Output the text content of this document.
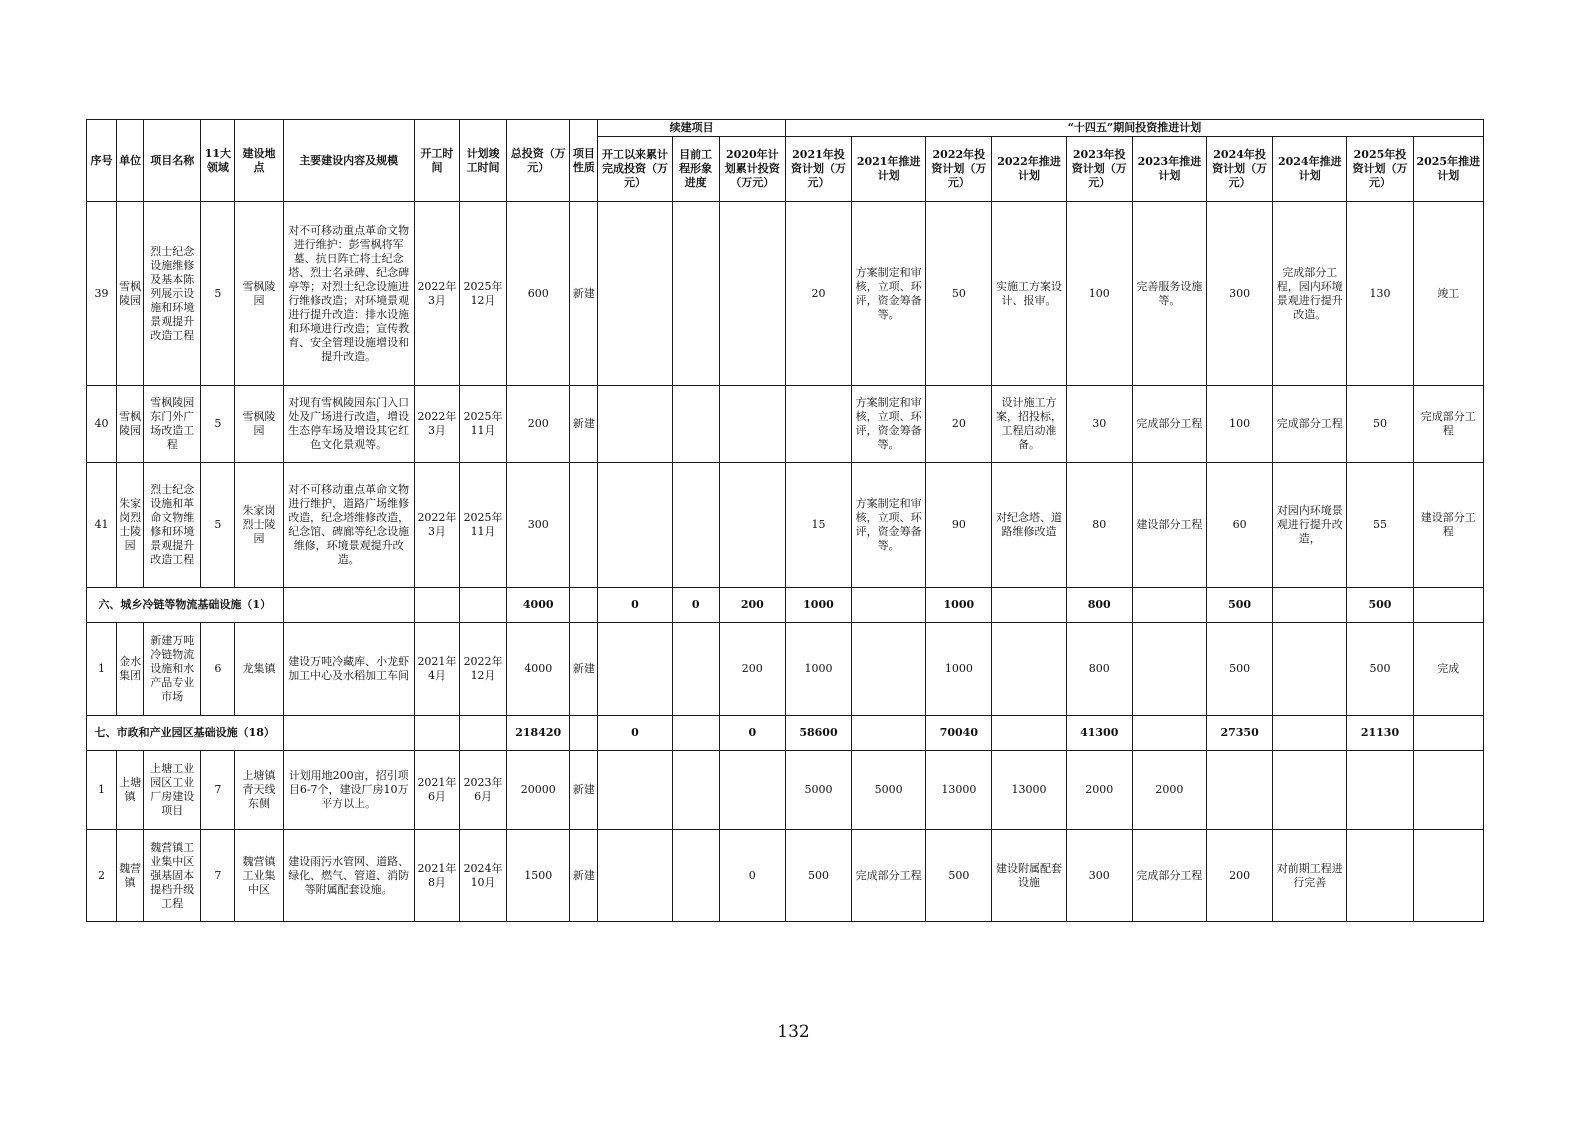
序号	单位	项目名称	11大领域	建设地点	主要建设内容及规模	开工时间	计划竣工时间	总投资（万元）	项目性质	续建项目			“十四五”期间投资推进计划									
										开工以来累计完成投资（万元）	目前工程形象进度	2020年计划累计投资（万元）	2021年投资计划（万元）	2021年推进计划	2022年投资计划（万元）	2022年推进计划	2023年投资计划（万元）	2023年推进计划	2024年投资计划（万元）	2024年推进计划	2025年投资计划（万元）	2025年推进计划
39	雪枫陵园	烈士纪念设施维修及基本陈列展示设施和环境景观提升改造工程	5	雪枫陵园	对不可移动重点革命文物进行维护：彭雪枫将军墓、抗日阵亡将士纪念塔、烈士名录碑、纪念碑亭等；对烈士纪念设施进行维修改造；对环境景观进行提升改造：排水设施和环境进行改造；宣传教育、安全管理设施增设和提升改造。	2022年3月	2025年12月	600	新建				20	方案制定和审核，立项、环评，资金筹备等。	50	实施工方案设计、报审。	100	完善服务设施等。	300	完成部分工程，园内环境景观进行提升改造。	130	竣工
40	雪枫陵园	雪枫陵园东门外广场改造工程	5	雪枫陵园	对现有雪枫陵园东门入口处及广场进行改造，增设生态停车场及增设其它红色文化景观等。	2022年3月	2025年11月	200	新建					方案制定和审核，立项、环评，资金筹备等。	20	设计施工方案，招投标，工程启动准备。	30	完成部分工程	100	完成部分工程	50	完成部分工程
41	朱家岗烈士陵园	烈士纪念设施和革命文物维修和环境景观提升改造工程	5	朱家岗烈士陵园	对不可移动重点革命文物进行维护，道路广场维修改造，纪念塔维修改造，纪念馆、碑廊等纪念设施维修，环境景观提升改造。	2022年3月	2025年11月	300					15	方案制定和审核，立项、环评，资金筹备等。	90	对纪念塔、道路维修改造	80	建设部分工程	60	对园内环境景观进行提升改造，	55	建设部分工程
六、城乡冷链等物流基础设施（1）								4000		0	0	200	1000		1000		800		500		500	
1	金水集团	新建万吨冷链物流设施和水产品专业市场	6	龙集镇	建设万吨冷藏库、小龙虾加工中心及水稻加工车间	2021年4月	2022年12月	4000	新建			200	1000		1000		800		500		500	完成
七、市政和产业园区基础设施（18）								218420		0		0	58600		70040		41300		27350		21130	
1	上塘镇	上塘工业园区工业厂房建设项目	7	上塘镇青天线东侧	计划用地200亩，招引项目6-7个，建设厂房10万平方以上。	2021年6月	2023年6月	20000	新建				5000	5000	13000	13000	2000	2000				
2	魏营镇	魏营镇工业集中区强基固本提档升级工程	7	魏营镇工业集中区	建设雨污水管网、道路、绿化、燃气、管道、消防等附属配套设施。	2021年8月	2024年10月	1500	新建			0	500	完成部分工程	500	建设附属配套设施	300	完成部分工程	200	对前期工程进行完善		
132
